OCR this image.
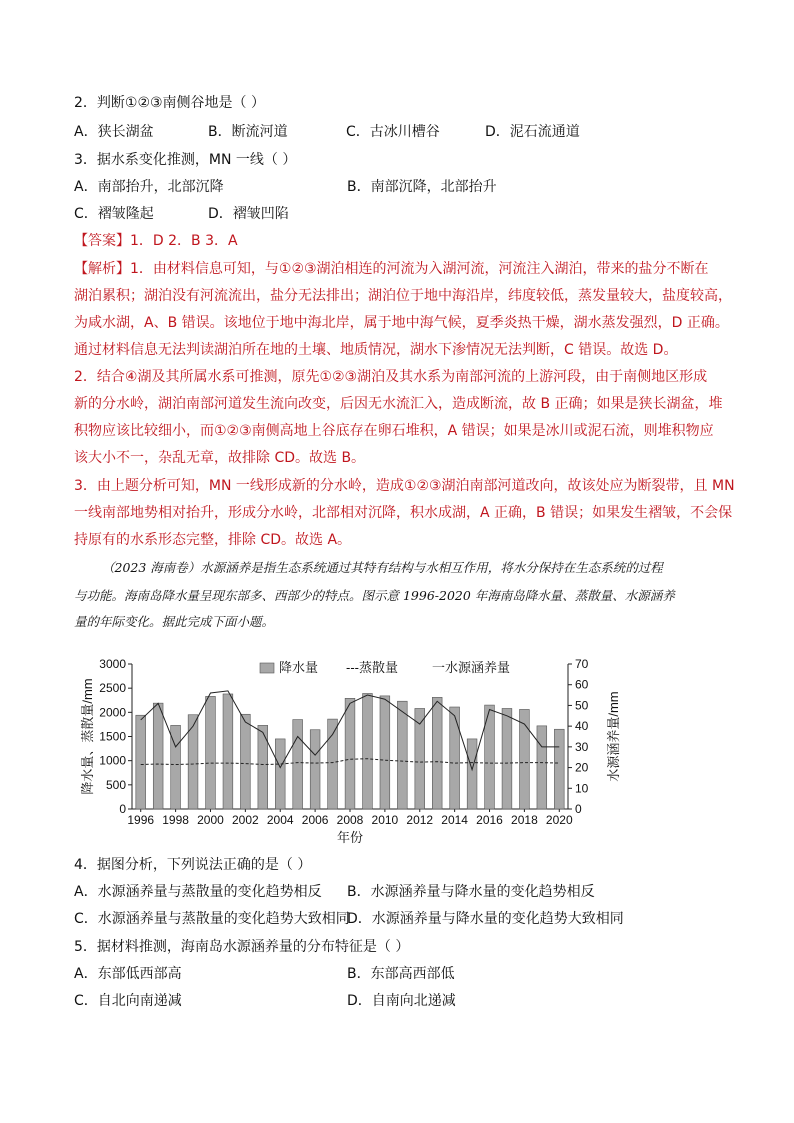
2．判断①②③南侧谷地是（ ）
A．狭长湖盆	B．断流河道	C．古冰川槽谷	D．泥石流通道
3．据水系变化推测，MN 一线（ ）
A．南部抬升，北部沉降	B．南部沉降，北部抬升
C．褶皱隆起	D．褶皱凹陷
【答案】1．D 2．B 3．A
【解析】1．由材料信息可知，与①②③湖泊相连的河流为入湖河流，河流注入湖泊，带来的盐分不断在
湖泊累积；湖泊没有河流流出，盐分无法排出；湖泊位于地中海沿岸，纬度较低，蒸发量较大，盐度较高，
为咸水湖，A、B 错误。该地位于地中海北岸，属于地中海气候，夏季炎热干燥，湖水蒸发强烈，D 正确。
通过材料信息无法判读湖泊所在地的土壤、地质情况，湖水下渗情况无法判断，C 错误。故选 D。
2．结合④湖及其所属水系可推测，原先①②③湖泊及其水系为南部河流的上游河段，由于南侧地区形成
新的分水岭，湖泊南部河道发生流向改变，后因无水流汇入，造成断流，故 B 正确；如果是狭长湖盆，堆
积物应该比较细小，而①②③南侧高地上谷底存在卵石堆积，A 错误；如果是冰川或泥石流，则堆积物应
该大小不一，杂乱无章，故排除 CD。故选 B。
3．由上题分析可知，MN 一线形成新的分水岭，造成①②③湖泊南部河道改向，故该处应为断裂带，且 MN
一线南部地势相对抬升，形成分水岭，北部相对沉降，积水成湖，A 正确，B 错误；如果发生褶皱，不会保
持原有的水系形态完整，排除 CD。故选 A。
（2023 海南卷）水源涵养是指生态系统通过其特有结构与水相互作用，将水分保持在生态系统的过程
与功能。海南岛降水量呈现东部多、西部少的特点。图示意 1996-2020 年海南岛降水量、蒸散量、水源涵养
量的年际变化。据此完成下面小题。
0
500
1000
1500
2000
2500
3000
0
10
20
30
40
50
60
70
1996 1998 2000 2002 2004 2006 2008 2010 2012 2014 2016 2018 2020
降水量 ---蒸散量	一水源涵养量
降水量、蒸散量/mm	水源涵养量/mm
年份
4．据图分析，下列说法正确的是（ ）
A．水源涵养量与蒸散量的变化趋势相反 B．水源涵养量与降水量的变化趋势相反
C．水源涵养量与蒸散量的变化趋势大致相同
D．水源涵养量与降水量的变化趋势大致相同
5．据材料推测，海南岛水源涵养量的分布特征是（ ）
A．东部低西部高	B．东部高西部低
C．自北向南递减	D．自南向北递减
